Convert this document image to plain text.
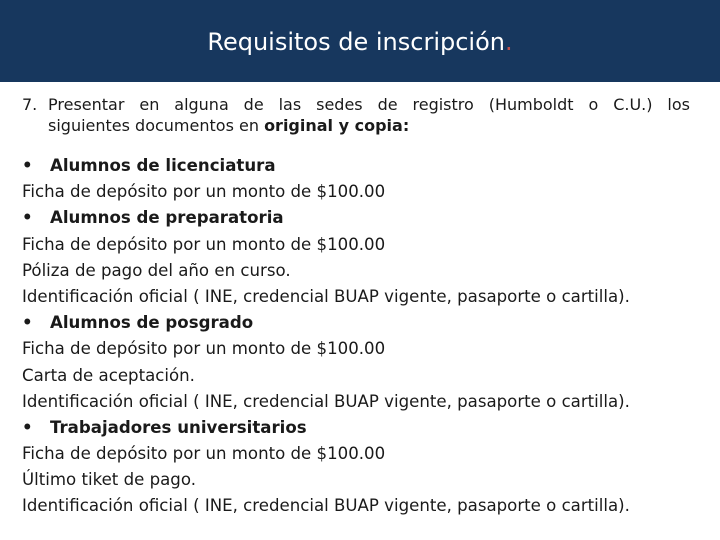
Requisitos de inscripción.
7. Presentar en alguna de las sedes de registro (Humboldt o C.U.) los
siguientes documentos en original y copia:
• Alumnos de licenciatura
Ficha de depósito por un monto de $100.00
• Alumnos de preparatoria
Ficha de depósito por un monto de $100.00
Póliza de pago del año en curso.
Identificación oficial ( INE, credencial BUAP vigente, pasaporte o cartilla).
• Alumnos de posgrado
Ficha de depósito por un monto de $100.00
Carta de aceptación.
Identificación oficial ( INE, credencial BUAP vigente, pasaporte o cartilla).
• Trabajadores universitarios
Ficha de depósito por un monto de $100.00
Último tiket de pago.
Identificación oficial ( INE, credencial BUAP vigente, pasaporte o cartilla).
